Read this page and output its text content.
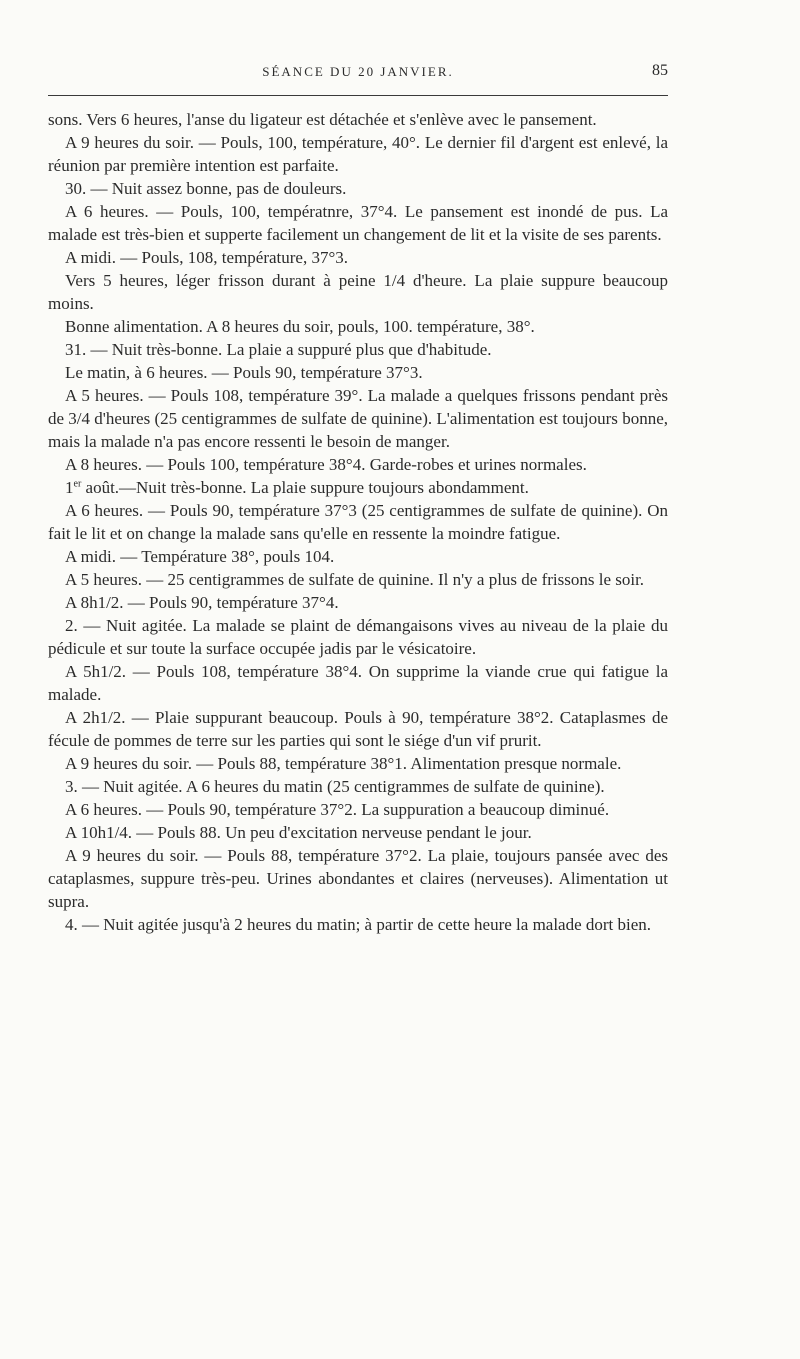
SÉANCE DU 20 JANVIER.	85

sons. Vers 6 heures, l'anse du ligateur est détachée et s'enlève avec le pansement.

A 9 heures du soir. — Pouls, 100, température, 40°. Le dernier fil d'argent est enlevé, la réunion par première intention est parfaite.

30. — Nuit assez bonne, pas de douleurs.

A 6 heures. — Pouls, 100, températnre, 37°4. Le pansement est inondé de pus. La malade est très-bien et supperte facilement un changement de lit et la visite de ses parents.

A midi. — Pouls, 108, température, 37°3.

Vers 5 heures, léger frisson durant à peine 1/4 d'heure. La plaie suppure beaucoup moins.

Bonne alimentation. A 8 heures du soir, pouls, 100. température, 38°.

31. — Nuit très-bonne. La plaie a suppuré plus que d'habitude.

Le matin, à 6 heures. — Pouls 90, température 37°3.

A 5 heures. — Pouls 108, température 39°. La malade a quelques frissons pendant près de 3/4 d'heures (25 centigrammes de sulfate de quinine). L'alimentation est toujours bonne, mais la malade n'a pas encore ressenti le besoin de manger.

A 8 heures. — Pouls 100, température 38°4. Garde-robes et urines normales.

1er août.—Nuit très-bonne. La plaie suppure toujours abondamment.

A 6 heures. — Pouls 90, température 37°3 (25 centigrammes de sulfate de quinine). On fait le lit et on change la malade sans qu'elle en ressente la moindre fatigue.

A midi. — Température 38°, pouls 104.

A 5 heures. — 25 centigrammes de sulfate de quinine. Il n'y a plus de frissons le soir.

A 8h1/2. — Pouls 90, température 37°4.

2. — Nuit agitée. La malade se plaint de démangaisons vives au niveau de la plaie du pédicule et sur toute la surface occupée jadis par le vésicatoire.

A 5h1/2. — Pouls 108, température 38°4. On supprime la viande crue qui fatigue la malade.

A 2h1/2. — Plaie suppurant beaucoup. Pouls à 90, température 38°2. Cataplasmes de fécule de pommes de terre sur les parties qui sont le siége d'un vif prurit.

A 9 heures du soir. — Pouls 88, température 38°1. Alimentation presque normale.

3. — Nuit agitée. A 6 heures du matin (25 centigrammes de sulfate de quinine).

A 6 heures. — Pouls 90, température 37°2. La suppuration a beaucoup diminué.

A 10h1/4. — Pouls 88. Un peu d'excitation nerveuse pendant le jour.

A 9 heures du soir. — Pouls 88, température 37°2. La plaie, toujours pansée avec des cataplasmes, suppure très-peu. Urines abondantes et claires (nerveuses). Alimentation ut supra.

4. — Nuit agitée jusqu'à 2 heures du matin; à partir de cette heure la malade dort bien.
